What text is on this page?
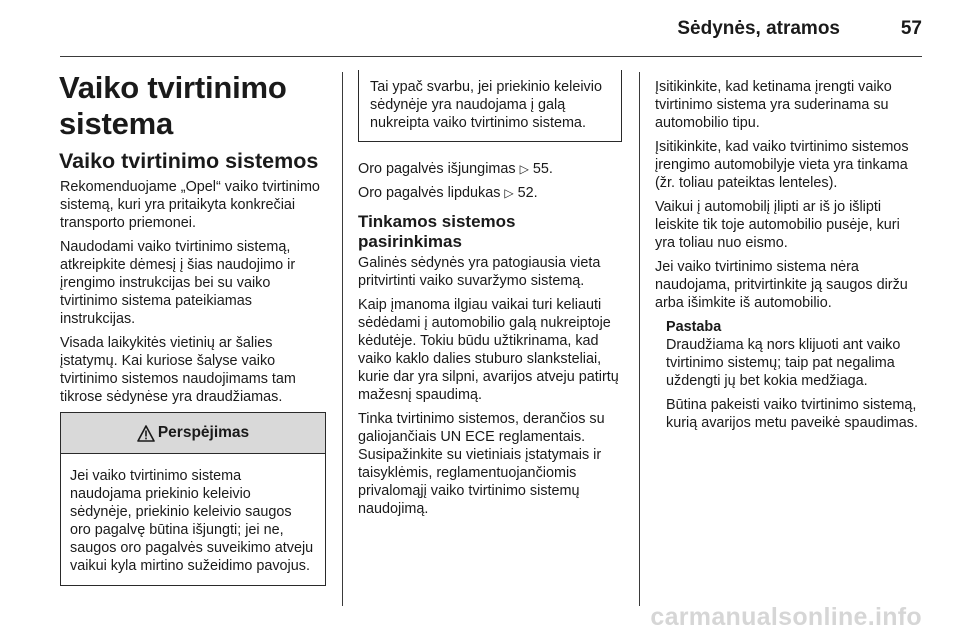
Sėdynės, atramos	57
Vaiko tvirtinimo sistema
Vaiko tvirtinimo sistemos

Rekomenduojame „Opel“ vaiko tvirtinimo sistemą, kuri yra pritaikyta konkrečiai transporto priemonei.

Naudodami vaiko tvirtinimo sistemą, atkreipkite dėmesį į šias naudojimo ir įrengimo instrukcijas bei su vaiko tvirtinimo sistema pateikiamas instrukcijas.

Visada laikykitės vietinių ar šalies įstatymų. Kai kuriose šalyse vaiko tvirtinimo sistemos naudojimams tam tikrose sėdynėse yra draudžiamas.

Perspėjimas
Jei vaiko tvirtinimo sistema naudojama priekinio keleivio sėdynėje, priekinio keleivio saugos oro pagalvę būtina išjungti; jei ne, saugos oro pagalvės suveikimo atveju vaikui kyla mirtino sužeidimo pavojus.
Tai ypač svarbu, jei priekinio keleivio sėdynėje yra naudojama į galą nukreipta vaiko tvirtinimo sistema.

Oro pagalvės išjungimas ▷ 55.

Oro pagalvės lipdukas ▷ 52.

Tinkamos sistemos pasirinkimas

Galinės sėdynės yra patogiausia vieta pritvirtinti vaiko suvaržymo sistemą.

Kaip įmanoma ilgiau vaikai turi keliauti sėdėdami į automobilio galą nukreiptoje kėdutėje. Tokiu būdu užtikrinama, kad vaiko kaklo dalies stuburo slanksteliai, kurie dar yra silpni, avarijos atveju patirtų mažesnį spaudimą.

Tinka tvirtinimo sistemos, derančios su galiojančiais UN ECE reglamentais. Susipažinkite su vietiniais įstatymais ir taisyklėmis, reglamentuojančiomis privalomąjį vaiko tvirtinimo sistemų naudojimą.

Įsitikinkite, kad ketinama įrengti vaiko tvirtinimo sistema yra suderinama su automobilio tipu.

Įsitikinkite, kad vaiko tvirtinimo sistemos įrengimo automobilyje vieta yra tinkama (žr. toliau pateiktas lenteles).

Vaikui į automobilį įlipti ar iš jo išlipti leiskite tik toje automobilio pusėje, kuri yra toliau nuo eismo.

Jei vaiko tvirtinimo sistema nėra naudojama, pritvirtinkite ją saugos diržu arba išimkite iš automobilio.

Pastaba

Draudžiama ką nors klijuoti ant vaiko tvirtinimo sistemų; taip pat negalima uždengti jų bet kokia medžiaga.

Būtina pakeisti vaiko tvirtinimo sistemą, kurią avarijos metu paveikė spaudimas.

carmanualsonline.info
